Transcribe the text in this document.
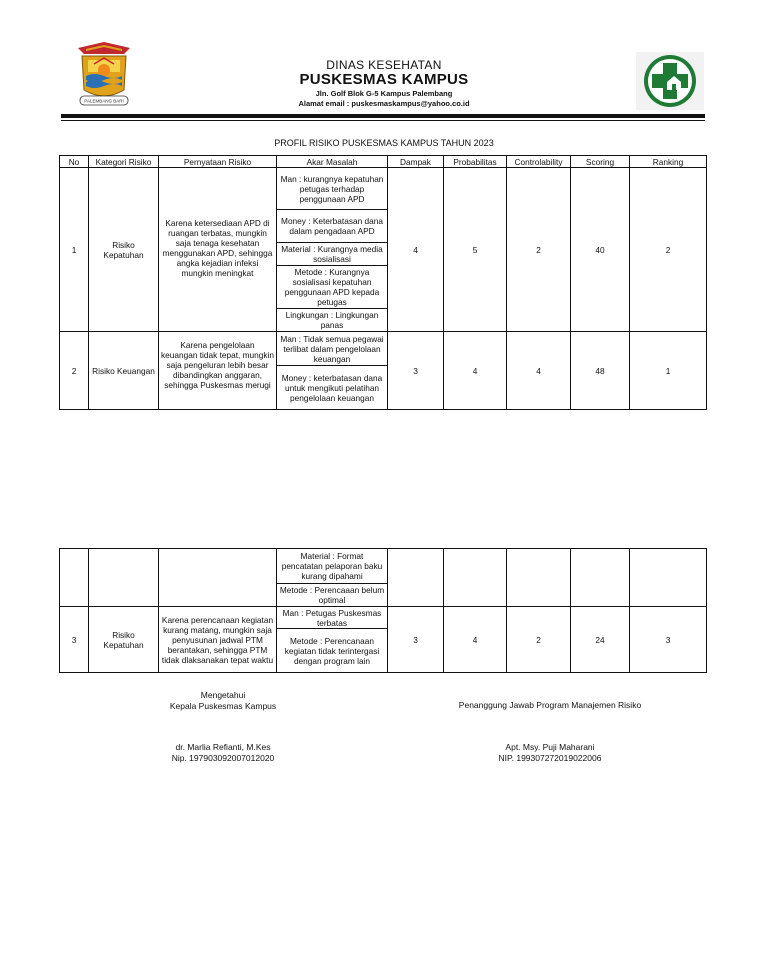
PALEMBANG BARI
DINAS KESEHATAN
PUSKESMAS KAMPUS
Jln. Golf Blok G-5 Kampus Palembang
Alamat email : puskesmaskampus@yahoo.co.id
PROFIL RISIKO PUSKESMAS KAMPUS TAHUN 2023
No	Kategori Risiko	Pernyataan Risiko	Akar Masalah	Dampak	Probabilitas	Controlability	Scoring	Ranking
1	Risiko Kepatuhan	Karena ketersediaan APD di ruangan terbatas, mungkin saja tenaga kesehatan menggunakan APD, sehingga angka kejadian infeksi mungkin meningkat	Man : kurangnya kepatuhan petugas terhadap penggunaan APD	4	5	2	40	2
			Money : Keterbatasan dana dalam pengadaan APD					
			Material : Kurangnya media sosialisasi					
			Metode : Kurangnya sosialisasi kepatuhan penggunaan APD kepada petugas					
			Lingkungan : Lingkungan panas					
2	Risiko Keuangan	Karena pengelolaan keuangan tidak tepat, mungkin saja pengeluran lebih besar dibandingkan anggaran, sehingga Puskesmas merugi	Man : Tidak semua pegawai terlibat dalam pengelolaan keuangan	3	4	4	48	1
			Money : keterbatasan dana untuk mengikuti pelatihan pengelolaan keuangan					
			Material : Format pencatatan pelaporan baku kurang dipahami					
			Metode : Perencaaan belum optimal					
3	Risiko Kepatuhan	Karena perencanaan kegiatan kurang matang, mungkin saja penyusunan jadwal PTM berantakan, sehingga PTM tidak dlaksanakan tepat waktu	Man : Petugas Puskesmas terbatas	3	4	2	24	3
			Metode : Perencanaan kegiatan tidak terintergasi dengan program lain					
Mengetahui
Kepala Puskesmas Kampus
dr. Marlia Refianti, M.Kes
Nip. 197903092007012020
Penanggung Jawab Program Manajemen Risiko
Apt. Msy. Puji Maharani
NIP. 199307272019022006
